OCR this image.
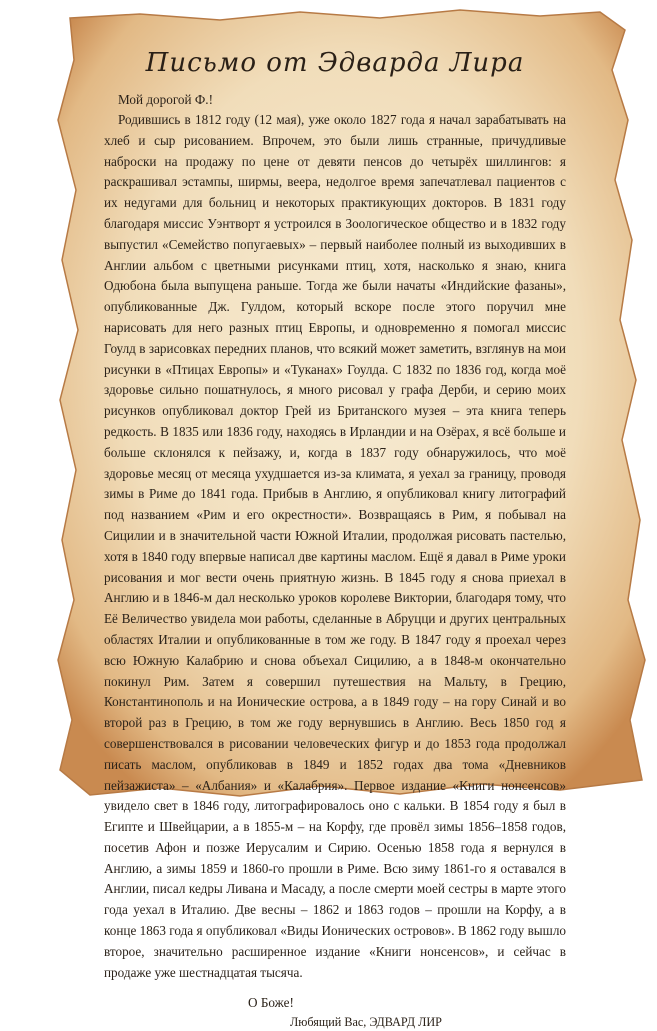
Письмо от Эдварда Лира
Мой дорогой Ф.!

Родившись в 1812 году (12 мая), уже около 1827 года я начал зарабатывать на хлеб и сыр рисованием. Впрочем, это были лишь странные, причудливые наброски на продажу по цене от девяти пенсов до четырёх шиллингов: я раскрашивал эстампы, ширмы, веера, недолгое время запечатлевал пациентов с их недугами для больниц и некоторых практикующих докторов. В 1831 году благодаря миссис Уэнтворт я устроился в Зоологическое общество и в 1832 году выпустил «Семейство попугаевых» – первый наиболее полный из выходивших в Англии альбом с цветными рисунками птиц, хотя, насколько я знаю, книга Одюбона была выпущена раньше. Тогда же были начаты «Индийские фазаны», опубликованные Дж. Гулдом, который вскоре после этого поручил мне нарисовать для него разных птиц Европы, и одновременно я помогал миссис Гоулд в зарисовках передних планов, что всякий может заметить, взглянув на мои рисунки в «Птицах Европы» и «Туканах» Гоулда. С 1832 по 1836 год, когда моё здоровье сильно пошатнулось, я много рисовал у графа Дерби, и серию моих рисунков опубликовал доктор Грей из Британского музея – эта книга теперь редкость. В 1835 или 1836 году, находясь в Ирландии и на Озёрах, я всё больше и больше склонялся к пейзажу, и, когда в 1837 году обнаружилось, что моё здоровье месяц от месяца ухудшается из-за климата, я уехал за границу, проводя зимы в Риме до 1841 года. Прибыв в Англию, я опубликовал книгу литографий под названием «Рим и его окрестности». Возвращаясь в Рим, я побывал на Сицилии и в значительной части Южной Италии, продолжая рисовать пастелью, хотя в 1840 году впервые написал две картины маслом. Ещё я давал в Риме уроки рисования и мог вести очень приятную жизнь. В 1845 году я снова приехал в Англию и в 1846-м дал несколько уроков королеве Виктории, благодаря тому, что Её Величество увидела мои работы, сделанные в Абруцци и других центральных областях Италии и опубликованные в том же году. В 1847 году я проехал через всю Южную Калабрию и снова объехал Сицилию, а в 1848-м окончательно покинул Рим. Затем я совершил путешествия на Мальту, в Грецию, Константинополь и на Ионические острова, а в 1849 году – на гору Синай и во второй раз в Грецию, в том же году вернувшись в Англию. Весь 1850 год я совершенствовался в рисовании человеческих фигур и до 1853 года продолжал писать маслом, опубликовав в 1849 и 1852 годах два тома «Дневников пейзажиста» – «Албания» и «Калабрия». Первое издание «Книги нонсенсов» увидело свет в 1846 году, литографировалось оно с кальки. В 1854 году я был в Египте и Швейцарии, а в 1855-м – на Корфу, где провёл зимы 1856–1858 годов, посетив Афон и позже Иерусалим и Сирию. Осенью 1858 года я вернулся в Англию, а зимы 1859 и 1860-го прошли в Риме. Всю зиму 1861-го я оставался в Англии, писал кедры Ливана и Масаду, а после смерти моей сестры в марте этого года уехал в Италию. Две весны – 1862 и 1863 годов – прошли на Корфу, а в конце 1863 года я опубликовал «Виды Ионических островов». В 1862 году вышло второе, значительно расширенное издание «Книги нонсенсов», и сейчас в продаже уже шестнадцатая тысяча.

О Боже!
Любящий Вас, ЭДВАРД ЛИР
